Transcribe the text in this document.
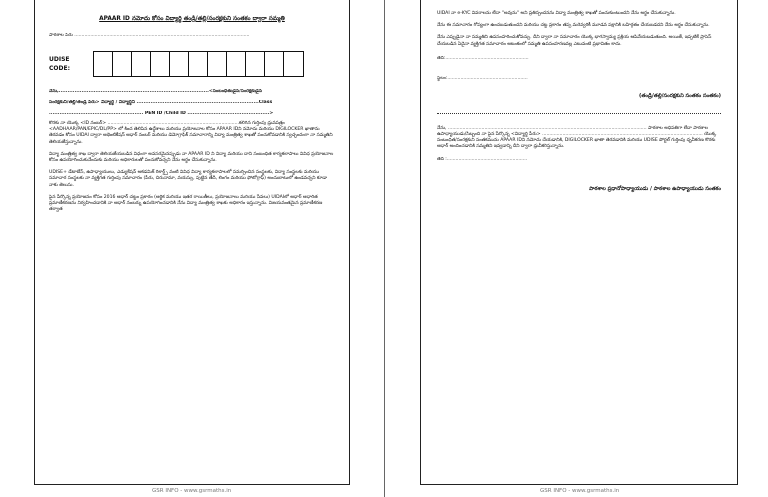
APAAR ID నమోదు కోసం విద్యార్థి తండ్రి/తల్లి/సంరక్షకుని సంతకం ద్వారా సమ్మతి

పాఠశాల పేరు ........................................................................................................................

UDISE
CODE:

నేను,......................................................................................<సంబంధితుడైన/సంరక్షకుడైన

సంరక్షకుని/తల్లి/తండ్రి పేరు> విద్యార్థి / విద్యార్థిని ......................................................................Class

...................................................... PEN ID /Child ID ...............................................>

కొరకు నా యొక్క <ID నంబర్> ..........................................................................................కలిగిన గుర్తింపు ధ్రువపత్రం <AADHAAR/PAN/EPIC/DL/PP> లో కింద తెలిపిన ఉద్దేశాలు మరియు ప్రయోజనాల కోసం APAAR IDని నమోదు మరియు DIGILOCKER ఖాతాను తెరవడం కోసం UIDAI ద్వారా ఆథెంటికేషన్ ఆధార్ నంబర్ మరియు డెమోగ్రాఫిక్ సమాచారాన్ని విద్యా మంత్రిత్వ శాఖతో పంచుకోవడానికి స్వచ్ఛందంగా నా సమ్మతిని తెలియజేస్తున్నాను.

విద్యా మంత్రిత్వ శాఖ ద్వారా తెలియజేయబడిన విధంగా అవసరమైనప్పుడు నా APAAR ID ని విద్యా మరియు దాని సంబంధిత కార్యకలాపాలు వివిధ ప్రయోజనాల కోసం ఉపయోగించుకునేందుకు మరియు అధికారులతో పంచుకోవచ్చని నేను అర్థం చేసుకున్నాను.

UDISE+ డేటాబేస్, ఉపాధ్యాయులు, ఎడ్యుకేషన్ అకడమిక్ రికార్డ్స్ వంటి వివిధ విద్యా కార్యకలాపాలలో సమర్పించిన సంస్థలకు, విద్యా సంస్థలకు మరియు సమాచార సంస్థలకు నా వ్యక్తిగత గుర్తింపు సమాచారం (పేరు, చిరునామా, వయస్సు, పుట్టిన తేదీ, లింగం మరియు ఫోటోగ్రాఫ్) అందుబాటులో ఉండవచ్చని కూడా నాకు తెలుసు.

పైన పేర్కొన్న ప్రయోజనం కోసం 2016 ఆధార్ చట్టం ప్రకారం (ఆర్థిక మరియు ఇతర రాయితీలు, ప్రయోజనాలు మరియు సేవలు) UIDAIలో ఆధార్ ఆధారిత ప్రమాణీకరణను నిర్వహించడానికి నా ఆధార్ నంబర్ను ఉపయోగించడానికి నేను విద్యా మంత్రిత్వ శాఖకు అధికారం ఇస్తున్నాను. విజయవంతమైన ప్రమాణీకరణ తర్వాత

UIDAI నా e-KYC వివరాలను లేదా "అవును" అని ప్రతిస్పందనను విద్యా మంత్రిత్వ శాఖతో పంచుకుంటుందని నేను అర్థం చేసుకున్నాను.

నేను ఈ సమాచారం గోప్యంగా ఉంచబడుతుందని మరియు చట్ట ప్రకారం తప్ప మరెవ్వరికీ మూడవ పక్షానికి బహిర్గతం చేయబడదని నేను అర్థం చేసుకున్నాను.

నేను ఎప్పుడైనా నా సమ్మతిని ఉపసంహరించుకోవచ్చు. దీని ద్వారా నా సమాచారం యొక్క భాగస్వామ్య ప్రక్రియ ఆపివేయబడుతుంది. అయితే, ఇప్పటికే ప్రాసెస్ చేయబడిన ఏదైనా వ్యక్తిగత సమాచారం ఆటంకంలో సమ్మతి ఉపసంహరణవల్ల ఎటువంటి ప్రభావితం కాదు.

తేదీ:.........................................................

స్థలం:.......................................................

(తండ్రి/తల్లి/సంరక్షకుని సంతకం సంతకం)

నేను, ........................................................................................................................................ పాఠశాల అధిపతిగా లేదా పాఠశాల ఉపాధ్యాయుడు/సిబ్బంది నా పైన పేర్కొన్న <విద్యార్థి పేరు> .............................................................................................................. యొక్క సంబంధిత/సంరక్షకుని సంతకమును APAAR IDని నమోదు చేయడానికి, DIGILOCKER ఖాతా తెరవడానికి మరియు UDISE పోర్టల్ గుర్తింపు ధృవీకరణ కొరకు ఆధార్ అందించడానికి సమ్మతిని ఇవ్వడాన్ని దీని ద్వారా ధ్రువీకరిస్తున్నాను.

తేదీ :.......................................................

పాఠశాల ప్రధానోపాధ్యాయుడు / పాఠశాల ఉపాధ్యాయుడు సంతకం

GSR INFO - www.gsrmaths.in	GSR INFO - www.gsrmaths.in
